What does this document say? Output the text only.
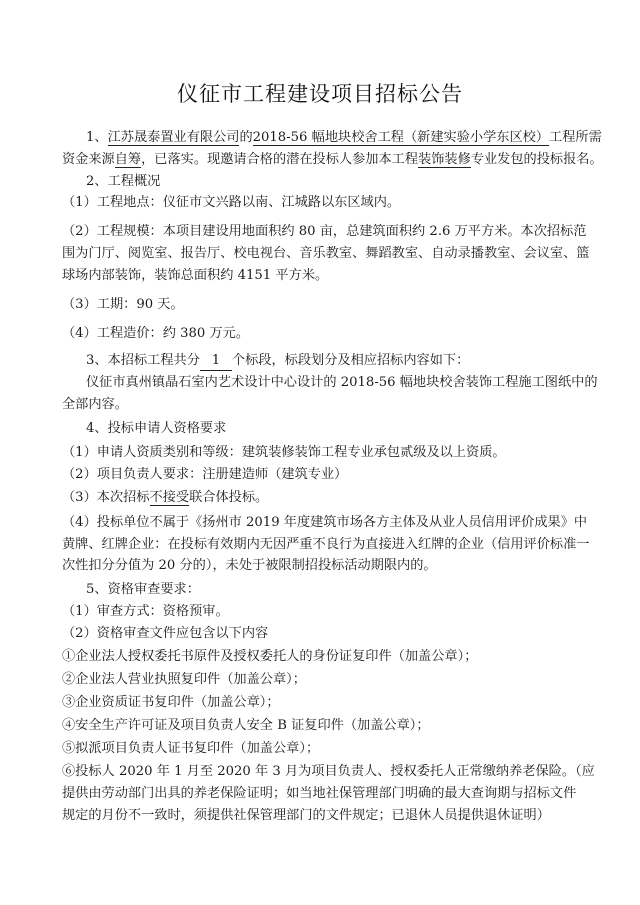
仪征市工程建设项目招标公告
1、江苏晟泰置业有限公司的2018-56 幅地块校舍工程（新建实验小学东区校）工程所需
资金来源自筹，已落实。现邀请合格的潜在投标人参加本工程装饰装修专业发包的投标报名。
2、工程概况
（1）工程地点：仪征市文兴路以南、江城路以东区域内。
（2）工程规模：本项目建设用地面积约 80 亩，总建筑面积约 2.6 万平方米。本次招标范
围为门厅、阅览室、报告厅、校电视台、音乐教室、舞蹈教室、自动录播教室、会议室、篮
球场内部装饰，装饰总面积约 4151 平方米。
（3）工期：90 天。
（4）工程造价：约 380 万元。
3、本招标工程共分 1 个标段，标段划分及相应招标内容如下：
仪征市真州镇晶石室内艺术设计中心设计的 2018-56 幅地块校舍装饰工程施工图纸中的
全部内容。
4、投标申请人资格要求
（1）申请人资质类别和等级：建筑装修装饰工程专业承包贰级及以上资质。
（2）项目负责人要求：注册建造师（建筑专业）
（3）本次招标不接受联合体投标。
（4）投标单位不属于《扬州市 2019 年度建筑市场各方主体及从业人员信用评价成果》中
黄牌、红牌企业：在投标有效期内无因严重不良行为直接进入红牌的企业（信用评价标准一
次性扣分分值为 20 分的），未处于被限制招投标活动期限内的。
5、资格审查要求：
（1）审查方式：资格预审。
（2）资格审查文件应包含以下内容
①企业法人授权委托书原件及授权委托人的身份证复印件（加盖公章）；
②企业法人营业执照复印件（加盖公章）；
③企业资质证书复印件（加盖公章）；
④安全生产许可证及项目负责人安全 B 证复印件（加盖公章）；
⑤拟派项目负责人证书复印件（加盖公章）；
⑥投标人 2020 年 1 月至 2020 年 3 月为项目负责人、授权委托人正常缴纳养老保险。（应
提供由劳动部门出具的养老保险证明；如当地社保管理部门明确的最大查询期与招标文件
规定的月份不一致时，须提供社保管理部门的文件规定；已退休人员提供退休证明）
